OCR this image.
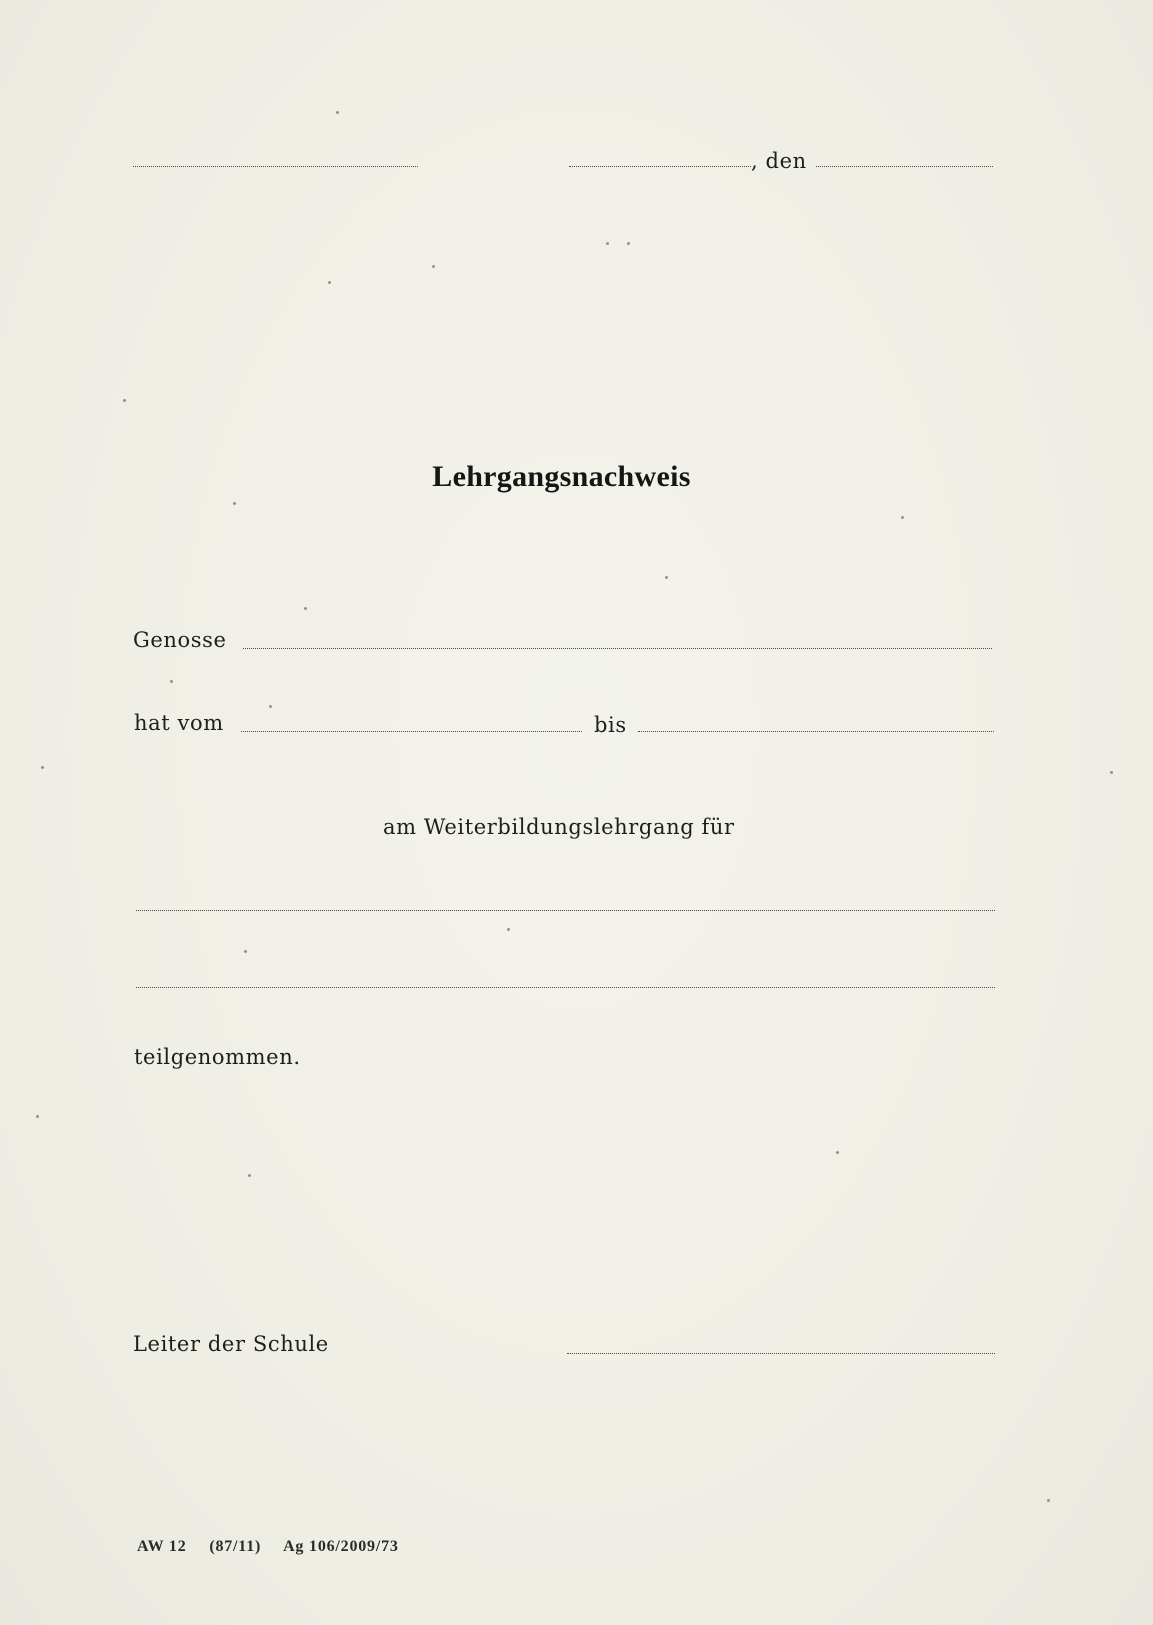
, den
Lehrgangsnachweis
Genosse
hat vom	bis
am Weiterbildungslehrgang für
teilgenommen.
Leiter der Schule
AW 12 (87/11) Ag 106/2009/73
